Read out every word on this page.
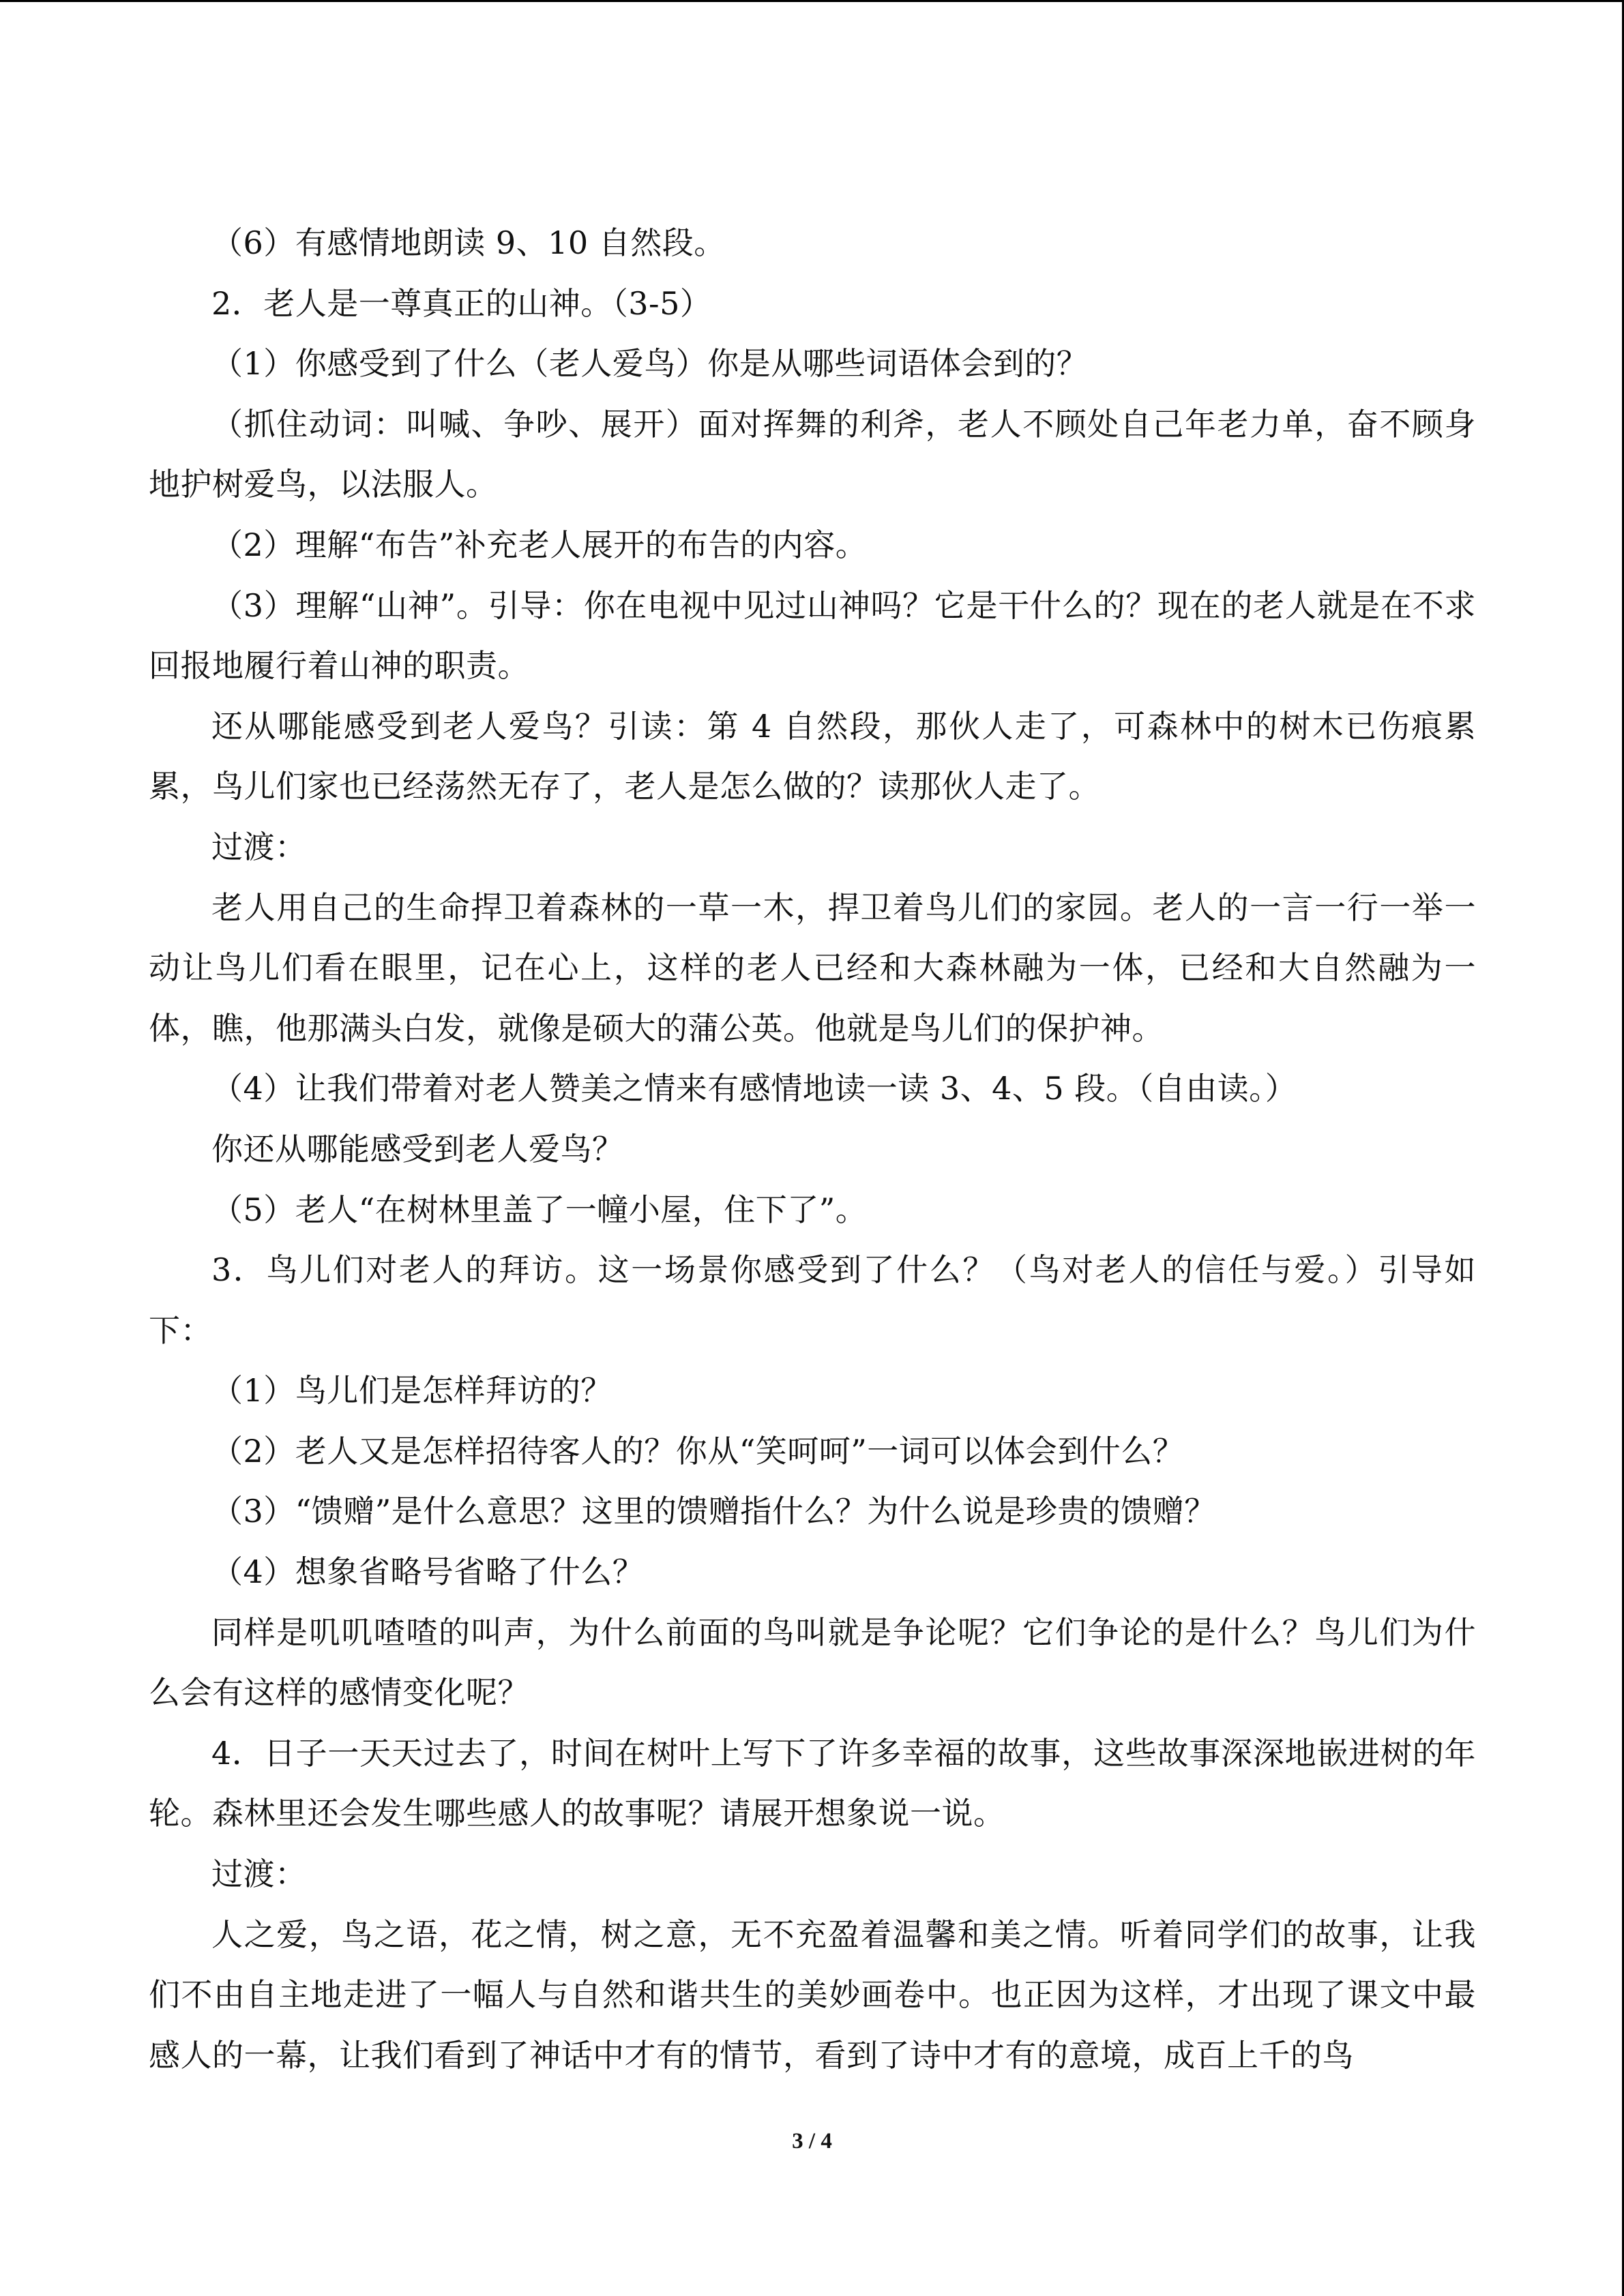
（6）有感情地朗读 9、10 自然段。

2．老人是一尊真正的山神。（3-5）

（1）你感受到了什么（老人爱鸟）你是从哪些词语体会到的？

（抓住动词：叫喊、争吵、展开）面对挥舞的利斧，老人不顾处自己年老力单，奋不顾身地护树爱鸟，以法服人。

（2）理解“布告”补充老人展开的布告的内容。

（3）理解“山神”。引导：你在电视中见过山神吗？它是干什么的？现在的老人就是在不求回报地履行着山神的职责。

还从哪能感受到老人爱鸟？引读：第 4 自然段，那伙人走了，可森林中的树木已伤痕累累，鸟儿们家也已经荡然无存了，老人是怎么做的？读那伙人走了。

过渡：

老人用自己的生命捍卫着森林的一草一木，捍卫着鸟儿们的家园。老人的一言一行一举一动让鸟儿们看在眼里，记在心上，这样的老人已经和大森林融为一体，已经和大自然融为一体，瞧，他那满头白发，就像是硕大的蒲公英。他就是鸟儿们的保护神。

（4）让我们带着对老人赞美之情来有感情地读一读 3、4、5 段。（自由读。）

你还从哪能感受到老人爱鸟？

（5）老人“在树林里盖了一幢小屋，住下了”。

3．鸟儿们对老人的拜访。这一场景你感受到了什么？（鸟对老人的信任与爱。）引导如下：

（1）鸟儿们是怎样拜访的？

（2）老人又是怎样招待客人的？你从“笑呵呵”一词可以体会到什么？

（3）“馈赠”是什么意思？这里的馈赠指什么？为什么说是珍贵的馈赠？

（4）想象省略号省略了什么？

同样是叽叽喳喳的叫声，为什么前面的鸟叫就是争论呢？它们争论的是什么？鸟儿们为什么会有这样的感情变化呢？

4．日子一天天过去了，时间在树叶上写下了许多幸福的故事，这些故事深深地嵌进树的年轮。森林里还会发生哪些感人的故事呢？请展开想象说一说。

过渡：

人之爱，鸟之语，花之情，树之意，无不充盈着温馨和美之情。听着同学们的故事，让我们不由自主地走进了一幅人与自然和谐共生的美妙画卷中。也正因为这样，才出现了课文中最感人的一幕，让我们看到了神话中才有的情节，看到了诗中才有的意境，成百上千的鸟

3 / 4
